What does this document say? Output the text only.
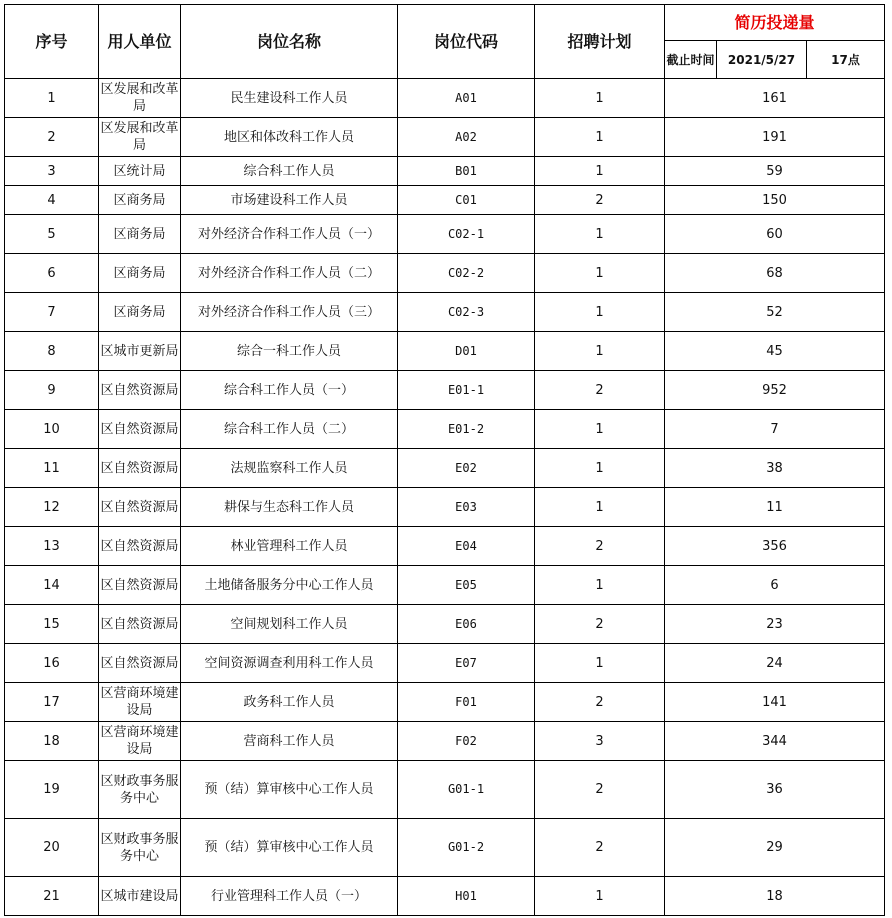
序号	用人单位	岗位名称	岗位代码	招聘计划	简历投递量		
					截止时间	2021/5/27	17点
1	区发展和改革局	民生建设科工作人员	A01	1	161		
2	区发展和改革局	地区和体改科工作人员	A02	1	191		
3	区统计局	综合科工作人员	B01	1	59		
4	区商务局	市场建设科工作人员	C01	2	150		
5	区商务局	对外经济合作科工作人员（一）	C02-1	1	60		
6	区商务局	对外经济合作科工作人员（二）	C02-2	1	68		
7	区商务局	对外经济合作科工作人员（三）	C02-3	1	52		
8	区城市更新局	综合一科工作人员	D01	1	45		
9	区自然资源局	综合科工作人员（一）	E01-1	2	952		
10	区自然资源局	综合科工作人员（二）	E01-2	1	7		
11	区自然资源局	法规监察科工作人员	E02	1	38		
12	区自然资源局	耕保与生态科工作人员	E03	1	11		
13	区自然资源局	林业管理科工作人员	E04	2	356		
14	区自然资源局	土地储备服务分中心工作人员	E05	1	6		
15	区自然资源局	空间规划科工作人员	E06	2	23		
16	区自然资源局	空间资源调查利用科工作人员	E07	1	24		
17	区营商环境建设局	政务科工作人员	F01	2	141		
18	区营商环境建设局	营商科工作人员	F02	3	344		
19	区财政事务服务中心	预（结）算审核中心工作人员	G01-1	2	36		
20	区财政事务服务中心	预（结）算审核中心工作人员	G01-2	2	29		
21	区城市建设局	行业管理科工作人员（一）	H01	1	18		
